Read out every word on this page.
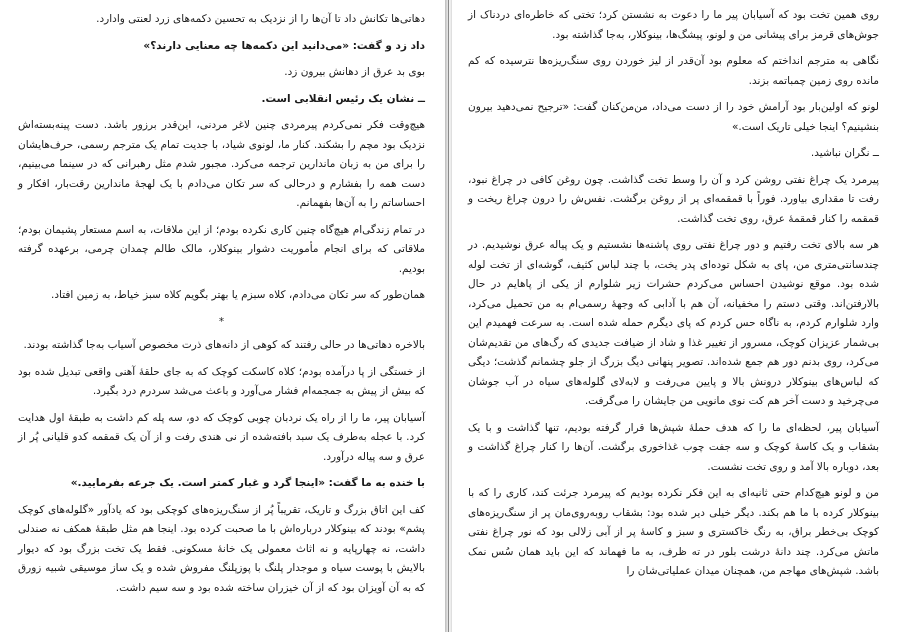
دهاتی‌ها تکانش داد تا آن‌ها را از نزدیک به تحسین دکمه‌های زرد لعنتی وادارد.

داد زد و گفت: «می‌دانید این دکمه‌ها چه معنایی دارند؟»

بوی بد عرق از دهانش بیرون زد.

ــ نشان یک رئیس انقلابی است.

هیچ‌وقت فکر نمی‌کردم پیرمردی چنین لاغر مردنی، این‌قدر برزور باشد. دست پینه‌بسته‌اش نزدیک بود مچم را بشکند. کنار ما، لونوی شیاد، با جدیت تمام یک مترجم رسمی، حرف‌هایشان را برای من به زبان ماندارین ترجمه می‌کرد. مجبور شدم مثل رهبرانی که در سینما می‌بینیم، دست همه را بفشارم و درحالی که سر تکان می‌دادم با یک لهجهٔ ماندارین رقت‌بار، افکار و احساساتم را به آن‌ها بفهمانم.

در تمام زندگی‌ام هیچ‌گاه چنین کاری نکرده بودم؛ از این ملاقات، به اسم مستعار پشیمان بودم؛ ملاقاتی که برای انجام مأموریت دشوار بینوکلار، مالک طالم چمدان چرمی، برعهده گرفته بودیم.

همان‌طور که سر تکان می‌دادم، کلاه سبزم یا بهتر بگویم کلاه سبز خیاط، به زمین افتاد.

*

بالاخره دهاتی‌ها در حالی رفتند که کوهی از دانه‌های ذرت مخصوص آسیاب به‌جا گذاشته بودند.

از خستگی از پا درآمده بودم؛ کلاه کاسکت کوچک که به جای حلقهٔ آهنی واقعی تبدیل شده بود که بیش از پیش به جمجمه‌ام فشار می‌آورد و باعث می‌شد سردرم درد بگیرد.

آسیابان پیر، ما را از راه یک نردبان چوبی کوچک که دو، سه پله کم داشت به طبقهٔ اول هدایت کرد. با عجله به‌طرف یک سبد بافته‌شده از نی هندی رفت و از آن یک قمقمه کدو قلیانی پُر از عرق و سه پیاله درآورد.

با خنده به ما گفت: «اینجا گرد و غبار کمتر است. یک جرعه بفرمایید.»

کف این اتاق بزرگ و تاریک، تقریباً پُر از سنگ‌ریزه‌های کوچکی بود که یادآور «گلوله‌های کوچک پشم» بودند که بینوکلار درباره‌اش با ما صحبت کرده بود. اینجا هم مثل طبقهٔ همکف نه صندلی داشت، نه چهارپایه و نه اثاث معمولی یک خانهٔ مسکونی. فقط یک تخت بزرگ بود که دیوار بالایش با پوست سیاه و موجدار پلنگ با پوزپلنگ مفروش شده و یک ساز موسیقی شبیه زورق که به آن آویزان بود که از آن خیزران ساخته شده بود و سه سیم داشت.

روی همین تخت بود که آسیابان پیر ما را دعوت به نشستن کرد؛ تختی که خاطره‌ای دردناک از جوش‌های قرمز برای پیشانی من و لونو، پیشگ‌ها، بینوکلار، به‌جا گذاشته بود.

نگاهی به مترجم انداختم که معلوم بود آن‌قدر از لیز خوردن روی سنگ‌ریزه‌ها نترسیده که کم مانده روی زمین چمباتمه بزند.

لونو که اولین‌بار بود آرامش خود را از دست می‌داد، من‌من‌کنان گفت: «ترجیح نمی‌دهید بیرون بنشینیم؟ اینجا خیلی تاریک است.»

ــ نگران نباشید.

پیرمرد یک چراغ نفتی روشن کرد و آن را وسط تخت گذاشت. چون روغن کافی در چراغ نبود، رفت تا مقداری بیاورد. فوراً با قمقمه‌ای پر از روغن برگشت. نفس‌ش را درون چراغ ریخت و قمقمه را کنار قمقمهٔ عرق، روی تخت گذاشت.

هر سه بالای تخت رفتیم و دور چراغ نفتی روی پاشنه‌ها نشستیم و یک پیاله عرق نوشیدیم. در چندسانتی‌متری من، پای به شکل توده‌ای پدر یخت، با چند لباس کثیف، گوشه‌ای از تخت لوله شده بود. موقع نوشیدن احساس می‌کردم حشرات زیر شلوارم از یکی از پاهایم در حال بالارفتن‌اند. وقتی دستم را مخفیانه، آن هم با آدابی که وجههٔ رسمی‌ام به من تحمیل می‌کرد، وارد شلوارم کردم، به ناگاه حس کردم که پای دیگرم حمله شده است. به سرعت فهمیدم این بی‌شمار عزیزان کوچک، مسرور از تغییر غذا و شاد از ضیافت جدیدی که رگ‌های من تقدیم‌شان می‌کرد، روی بدنم دور هم جمع شده‌اند. تصویر پنهانی دیگ بزرگ از جلو چشمانم گذشت؛ دیگی که لباس‌های بینوکلار درونش بالا و پایین می‌رفت و لابه‌لای گلوله‌های سیاه در آب جوشان می‌چرخید و دست آخر هم کت نوی مانویی من جایشان را می‌گرفت.

آسیابان پیر، لحظه‌ای ما را که هدف حملهٔ شپش‌ها قرار گرفته بودیم، تنها گذاشت و با یک بشقاب و یک کاسهٔ کوچک و سه جفت چوب غذاخوری برگشت. آن‌ها را کنار چراغ گذاشت و بعد، دوباره بالا آمد و روی تخت نشست.

من و لونو هیچ‌کدام حتی ثانیه‌ای به این فکر نکرده بودیم که پیرمرد جرئت کند، کاری را که با بینوکلار کرده با ما هم بکند. دیگر خیلی دیر شده بود: بشقاب روبه‌روی‌مان پر از سنگ‌ریزه‌های کوچک بی‌خطر براق، به رنگ خاکستری و سبز و کاسهٔ پر از آبی زلالی بود که نور چراغ نفتی ماتش می‌کرد. چند دانهٔ درشت بلور در ته ظرف، به ما فهماند که این باید همان سُس نمک باشد. شپش‌های مهاجم من، همچنان میدان عملیاتی‌شان را
